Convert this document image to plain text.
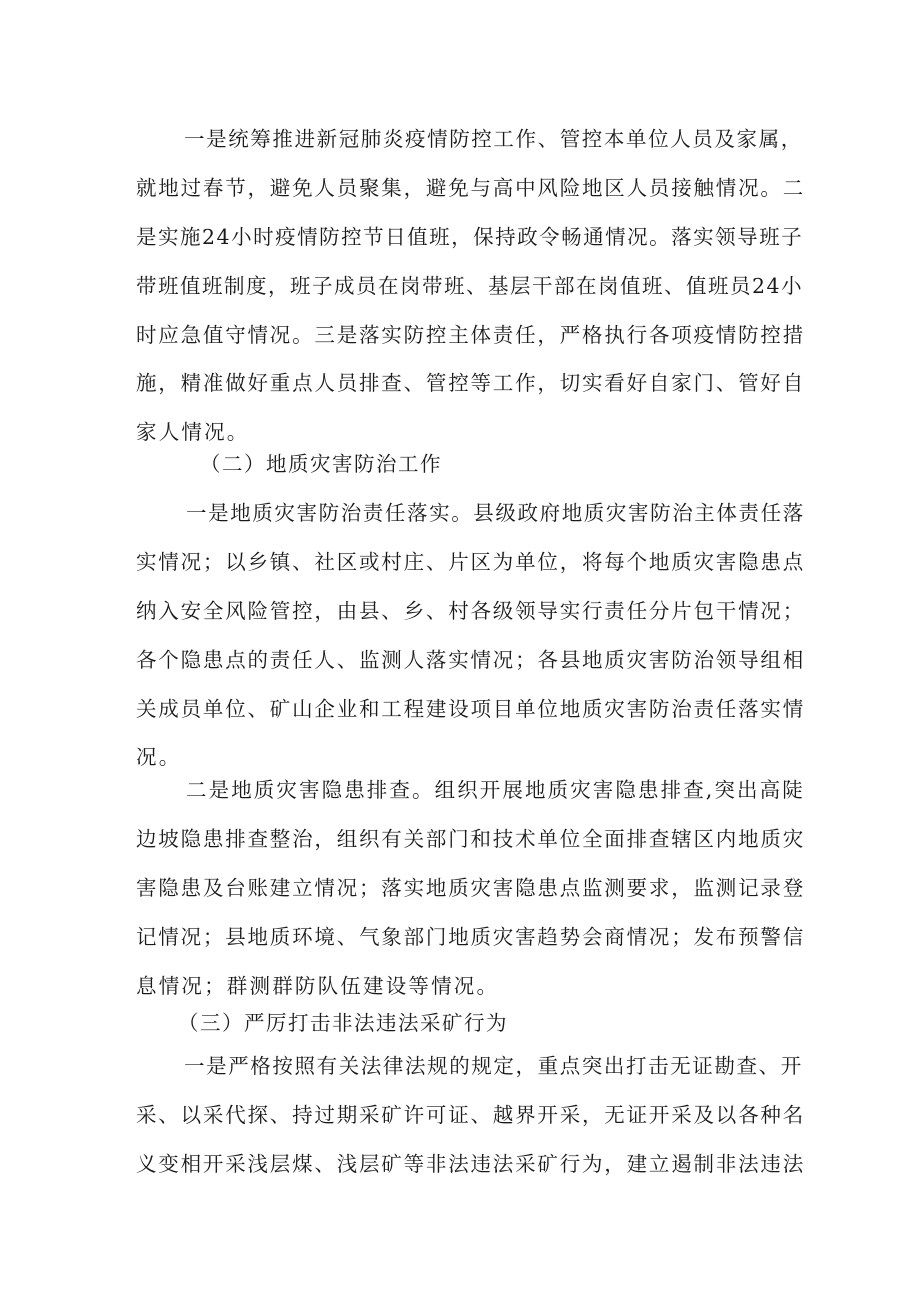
一是统筹推进新冠肺炎疫情防控工作、管控本单位人员及家属，
就地过春节，避免人员聚集，避免与高中风险地区人员接触情况。二
是实施24小时疫情防控节日值班，保持政令畅通情况。落实领导班子
带班值班制度，班子成员在岗带班、基层干部在岗值班、值班员24小
时应急值守情况。三是落实防控主体责任，严格执行各项疫情防控措
施，精准做好重点人员排查、管控等工作，切实看好自家门、管好自
家人情况。
（二）地质灾害防治工作
一是地质灾害防治责任落实。县级政府地质灾害防治主体责任落
实情况；以乡镇、社区或村庄、片区为单位，将每个地质灾害隐患点
纳入安全风险管控，由县、乡、村各级领导实行责任分片包干情况；
各个隐患点的责任人、监测人落实情况；各县地质灾害防治领导组相
关成员单位、矿山企业和工程建设项目单位地质灾害防治责任落实情
况。
二是地质灾害隐患排查。组织开展地质灾害隐患排查,突出高陡
边坡隐患排查整治，组织有关部门和技术单位全面排查辖区内地质灾
害隐患及台账建立情况；落实地质灾害隐患点监测要求，监测记录登
记情况；县地质环境、气象部门地质灾害趋势会商情况；发布预警信
息情况；群测群防队伍建设等情况。
（三）严厉打击非法违法采矿行为
一是严格按照有关法律法规的规定，重点突出打击无证勘查、开
采、以采代探、持过期采矿许可证、越界开采，无证开采及以各种名
义变相开采浅层煤、浅层矿等非法违法采矿行为，建立遏制非法违法
